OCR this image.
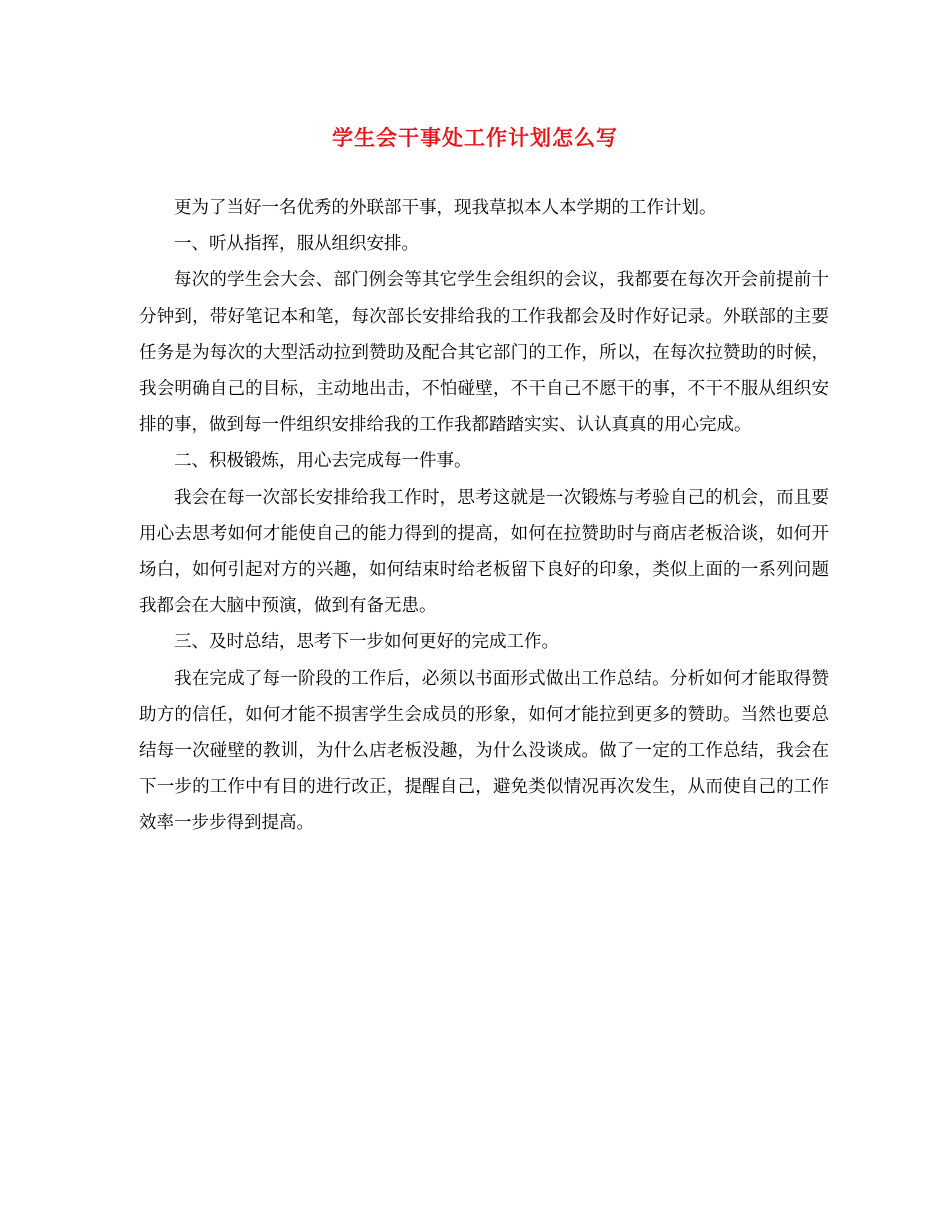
学生会干事处工作计划怎么写

更为了当好一名优秀的外联部干事，现我草拟本人本学期的工作计划。

一、听从指挥，服从组织安排。

每次的学生会大会、部门例会等其它学生会组织的会议，我都要在每次开会前提前十分钟到，带好笔记本和笔，每次部长安排给我的工作我都会及时作好记录。外联部的主要任务是为每次的大型活动拉到赞助及配合其它部门的工作，所以，在每次拉赞助的时候，我会明确自己的目标，主动地出击，不怕碰壁，不干自己不愿干的事，不干不服从组织安排的事，做到每一件组织安排给我的工作我都踏踏实实、认认真真的用心完成。

二、积极锻炼，用心去完成每一件事。

我会在每一次部长安排给我工作时，思考这就是一次锻炼与考验自己的机会，而且要用心去思考如何才能使自己的能力得到的提高，如何在拉赞助时与商店老板洽谈，如何开场白，如何引起对方的兴趣，如何结束时给老板留下良好的印象，类似上面的一系列问题我都会在大脑中预演，做到有备无患。

三、及时总结，思考下一步如何更好的完成工作。

我在完成了每一阶段的工作后，必须以书面形式做出工作总结。分析如何才能取得赞助方的信任，如何才能不损害学生会成员的形象，如何才能拉到更多的赞助。当然也要总结每一次碰壁的教训，为什么店老板没趣，为什么没谈成。做了一定的工作总结，我会在下一步的工作中有目的进行改正，提醒自己，避免类似情况再次发生，从而使自己的工作效率一步步得到提高。
